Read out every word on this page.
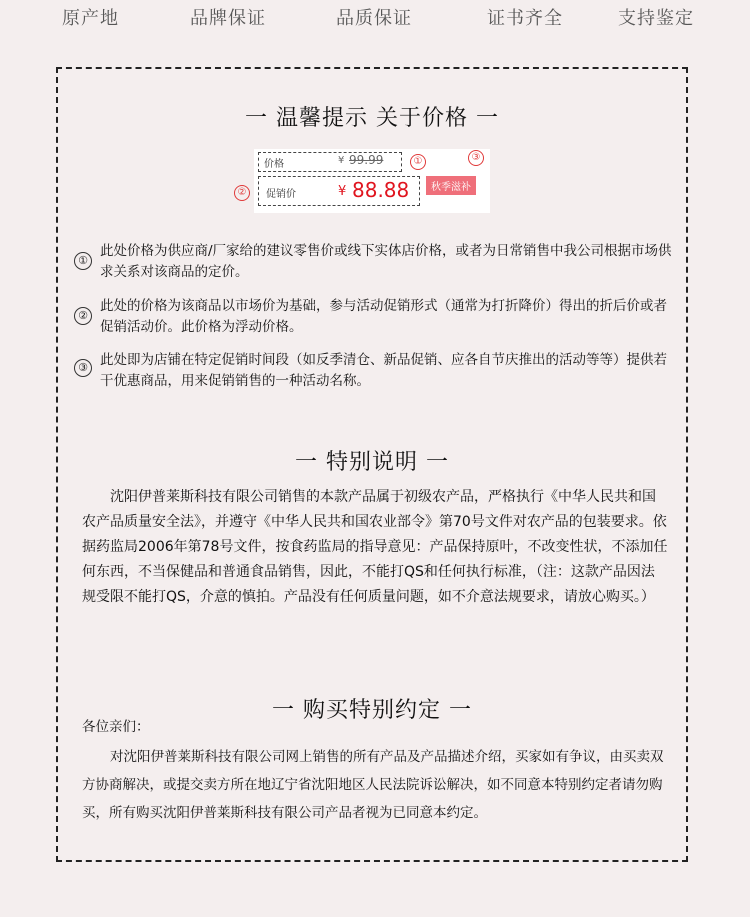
原产地	品牌保证	品质保证	证书齐全	支持鉴定
一 温馨提示 关于价格 一
价格	¥ 99.99	①	③
②	促销价	¥ 88.88	秋季滋补
①
此处价格为供应商/厂家给的建议零售价或线下实体店价格，或者为日常销售中我公司根据市场供求关系对该商品的定价。
②
此处的价格为该商品以市场价为基础，参与活动促销形式（通常为打折降价）得出的折后价或者促销活动价。此价格为浮动价格。
③ 此处即为店铺在特定促销时间段（如反季清仓、新品促销、应各自节庆推出的活动等等）提供若干优惠商品，用来促销销售的一种活动名称。
一 特别说明 一
沈阳伊普莱斯科技有限公司销售的本款产品属于初级农产品，严格执行《中华人民共和国农产品质量安全法》，并遵守《中华人民共和国农业部令》第70号文件对农产品的包装要求。依据药监局2006年第78号文件，按食药监局的指导意见：产品保持原叶，不改变性状，不添加任何东西，不当保健品和普通食品销售，因此，不能打QS和任何执行标准，（注：这款产品因法规受限不能打QS，介意的慎拍。产品没有任何质量问题，如不介意法规要求，请放心购买。）
一 购买特别约定 一
各位亲们：
对沈阳伊普莱斯科技有限公司网上销售的所有产品及产品描述介绍，买家如有争议，由买卖双方协商解决，或提交卖方所在地辽宁省沈阳地区人民法院诉讼解决，如不同意本特别约定者请勿购买，所有购买沈阳伊普莱斯科技有限公司产品者视为已同意本约定。
